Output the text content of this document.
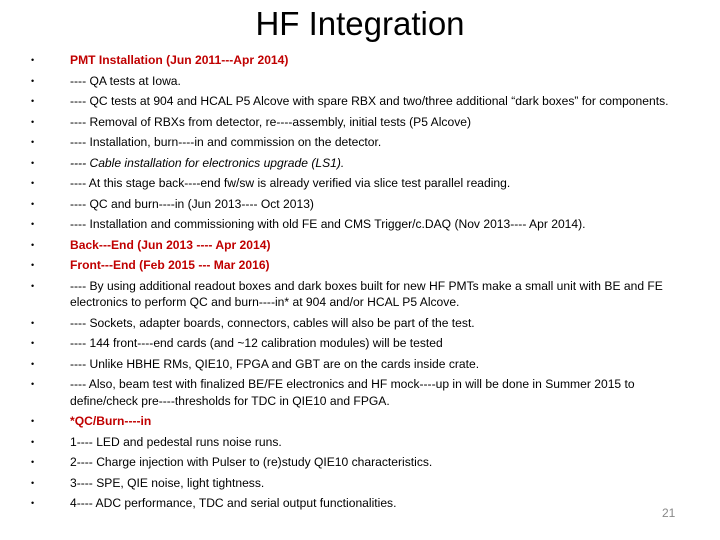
HF Integration
•	PMT Installation (Jun 2011--‐Apr 2014)
•	---‐ QA tests at Iowa.
•	---‐ QC tests at 904 and HCAL P5 Alcove with spare RBX and two/three additional “dark boxes” for components.
•	---‐ Removal of RBXs from detector, re---‐assembly, initial tests (P5 Alcove)
•	---‐ Installation, burn---‐in and commission on the detector.
•	---‐ Cable installation for electronics upgrade (LS1).
•	---‐ At this stage back---‐end fw/sw is already verified via slice test parallel reading.
•	---‐ QC and burn---‐in (Jun 2013---‐ Oct 2013)
•	---‐ Installation and commissioning with old FE and CMS Trigger/c.DAQ (Nov 2013---‐ Apr 2014).
•	Back--‐End (Jun 2013 ---‐ Apr 2014)
•	Front--‐End (Feb 2015 --‐ Mar 2016)
•	---‐ By using additional readout boxes and dark boxes built for new HF PMTs make a small unit with BE and FE electronics to perform QC and burn---‐in* at 904 and/or HCAL P5 Alcove.
•	---‐ Sockets, adapter boards, connectors, cables will also be part of the test.
•	---‐ 144 front---‐end cards (and ~12 calibration modules) will be tested
•	---‐ Unlike HBHE RMs, QIE10, FPGA and GBT are on the cards inside crate.
•	---‐ Also, beam test with finalized BE/FE electronics and HF mock---‐up in will be done in Summer 2015 to define/check pre---‐thresholds for TDC in QIE10 and FPGA.
•	*QC/Burn---‐in
•	1---‐ LED and pedestal runs noise runs.
•	2---‐ Charge injection with Pulser to (re)study QIE10 characteristics.
•	3---‐ SPE, QIE noise, light tightness.
•	4---‐ ADC performance, TDC and serial output functionalities.
21
